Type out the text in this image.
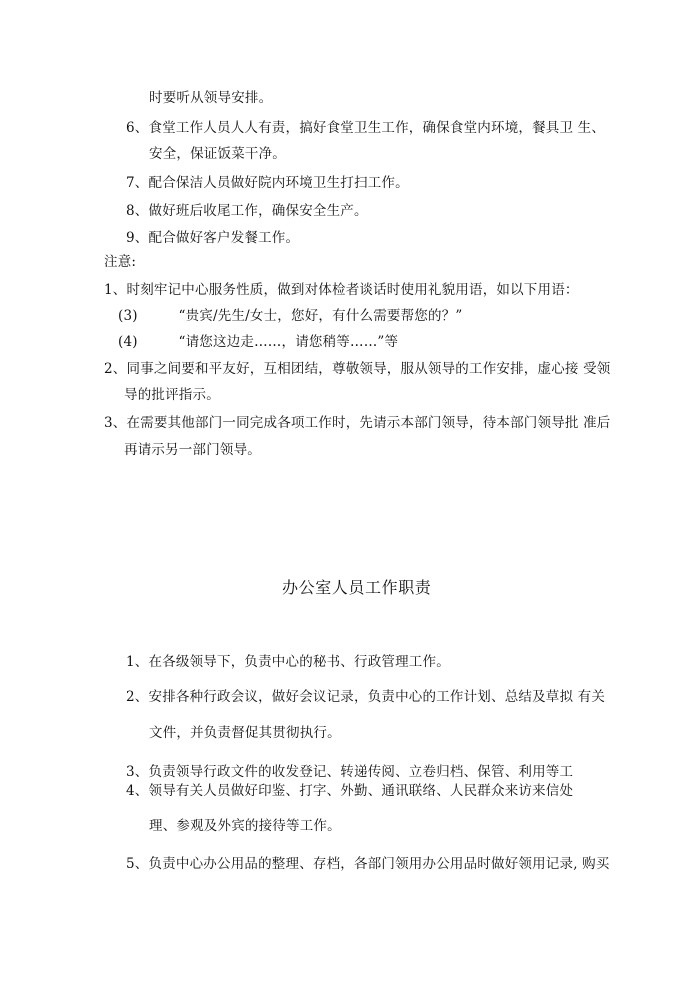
时要听从领导安排。
6、食堂工作人员人人有责，搞好食堂卫生工作，确保食堂内环境，餐具卫 生、
安全，保证饭菜干净。
7、配合保洁人员做好院内环境卫生打扫工作。
8、做好班后收尾工作，确保安全生产。
9、配合做好客户发餐工作。
注意:
1、时刻牢记中心服务性质，做到对体检者谈话时使用礼貌用语，如以下用语：
(3)	“贵宾/先生/女士，您好，有什么需要帮您的？”
(4)	“请您这边走……，请您稍等……”等
2、同事之间要和平友好，互相团结，尊敬领导，服从领导的工作安排，虚心接 受领
导的批评指示。
3、在需要其他部门一同完成各项工作时，先请示本部门领导，待本部门领导批 准后
再请示另一部门领导。
办公室人员工作职责
1、在各级领导下，负责中心的秘书、行政管理工作。
2、安排各种行政会议，做好会议记录，负责中心的工作计划、总结及草拟 有关
文件，并负责督促其贯彻执行。
3、负责领导行政文件的收发登记、转递传阅、立卷归档、保管、利用等工
4、领导有关人员做好印鉴、打字、外勤、通讯联络、人民群众来访来信处
理、参观及外宾的接待等工作。
5、负责中心办公用品的整理、存档，各部门领用办公用品时做好领用记录, 购买
